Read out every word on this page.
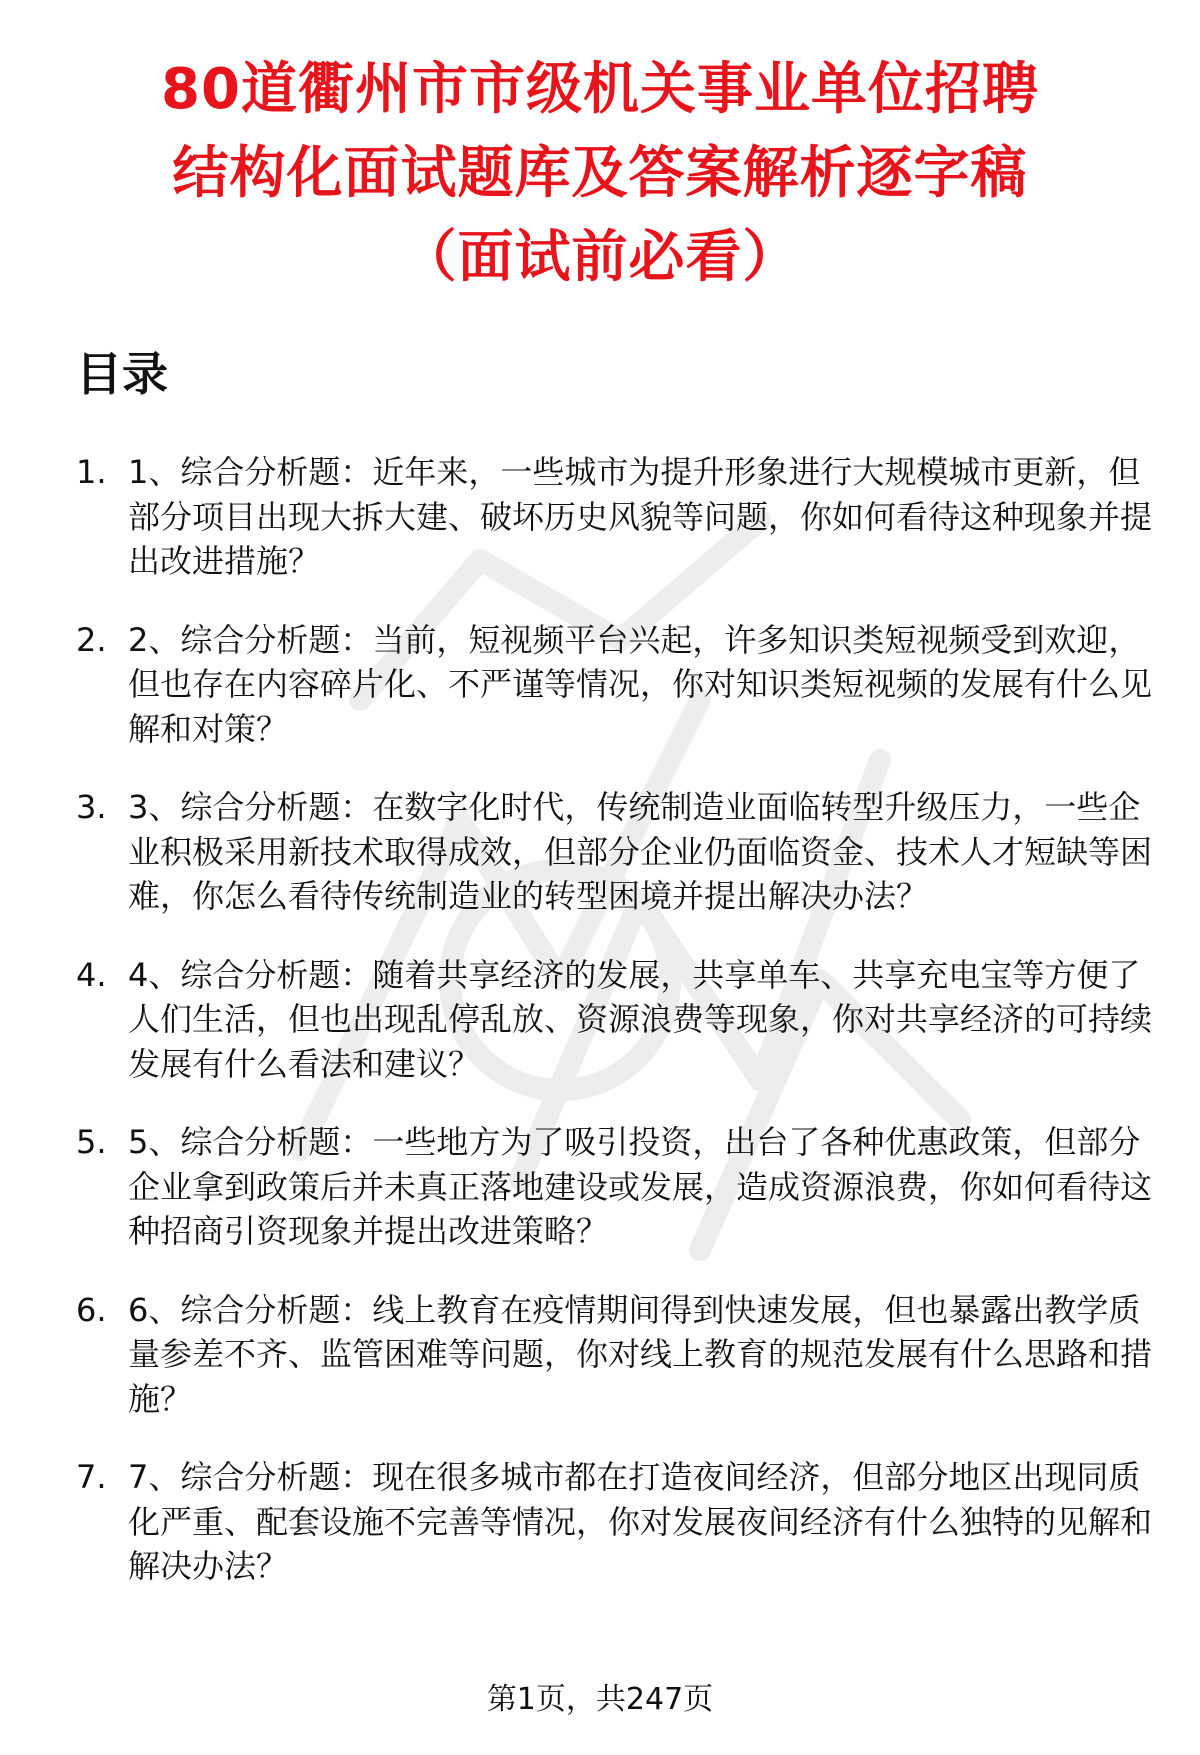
80道衢州市市级机关事业单位招聘
结构化面试题库及答案解析逐字稿
（面试前必看）
目录
1. 1、综合分析题：近年来，一些城市为提升形象进行大规模城市更新，但部分项目出现大拆大建、破坏历史风貌等问题，你如何看待这种现象并提出改进措施？
2. 2、综合分析题：当前，短视频平台兴起，许多知识类短视频受到欢迎，但也存在内容碎片化、不严谨等情况，你对知识类短视频的发展有什么见解和对策？
3. 3、综合分析题：在数字化时代，传统制造业面临转型升级压力，一些企业积极采用新技术取得成效，但部分企业仍面临资金、技术人才短缺等困难，你怎么看待传统制造业的转型困境并提出解决办法？
4. 4、综合分析题：随着共享经济的发展，共享单车、共享充电宝等方便了人们生活，但也出现乱停乱放、资源浪费等现象，你对共享经济的可持续发展有什么看法和建议？
5. 5、综合分析题：一些地方为了吸引投资，出台了各种优惠政策，但部分企业拿到政策后并未真正落地建设或发展，造成资源浪费，你如何看待这种招商引资现象并提出改进策略？
6. 6、综合分析题：线上教育在疫情期间得到快速发展，但也暴露出教学质量参差不齐、监管困难等问题，你对线上教育的规范发展有什么思路和措施？
7. 7、综合分析题：现在很多城市都在打造夜间经济，但部分地区出现同质化严重、配套设施不完善等情况，你对发展夜间经济有什么独特的见解和解决办法？
第1页，共247页
